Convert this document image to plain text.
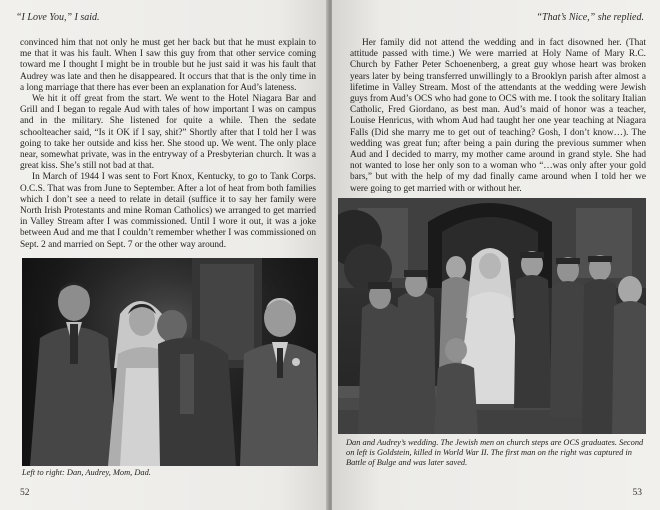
“I Love You,” I said.

convinced him that not only he must get her back but that he must explain to me that it was his fault. When I saw this guy from that other service coming toward me I thought I might be in trouble but he just said it was his fault that Audrey was late and then he disappeared. It occurs that that is the only time in a long marriage that there has ever been an explanation for Aud’s lateness.

We hit it off great from the start. We went to the Hotel Niagara Bar and Grill and I began to regale Aud with tales of how important I was on campus and in the military. She listened for quite a while. Then the sedate schoolteacher said, “Is it OK if I say, shit?” Shortly after that I told her I was going to take her outside and kiss her. She stood up. We went. The only place near, somewhat private, was in the entryway of a Presbyterian church. It was a great kiss. She’s still not bad at that.

In March of 1944 I was sent to Fort Knox, Kentucky, to go to Tank Corps. O.C.S. That was from June to September. After a lot of heat from both families which I don’t see a need to relate in detail (suffice it to say her family were North Irish Protestants and mine Roman Catholics) we arranged to get married in Valley Stream after I was commissioned. Until I wore it out, it was a joke between Aud and me that I couldn’t remember whether I was commissioned on Sept. 2 and married on Sept. 7 or the other way around.

Left to right: Dan, Audrey, Mom, Dad.

52
“That’s Nice,” she replied.

Her family did not attend the wedding and in fact disowned her. (That attitude passed with time.) We were married at Holy Name of Mary R.C. Church by Father Peter Schoenenberg, a great guy whose heart was broken years later by being transferred unwillingly to a Brooklyn parish after almost a lifetime in Valley Stream. Most of the attendants at the wedding were Jewish guys from Aud’s OCS who had gone to OCS with me. I took the solitary Italian Catholic, Fred Giordano, as best man. Aud’s maid of honor was a teacher, Louise Henricus, with whom Aud had taught her one year teaching at Niagara Falls (Did she marry me to get out of teaching? Gosh, I don’t know…). The wedding was great fun; after being a pain during the previous summer when Aud and I decided to marry, my mother came around in grand style. She had not wanted to lose her only son to a woman who “…was only after your gold bars,” but with the help of my dad finally came around when I told her we were going to get married with or without her.

Dan and Audrey’s wedding. The Jewish men on church steps are OCS graduates. Second on left is Goldstein, killed in World War II. The first man on the right was captured in Battle of Bulge and was later saved.

53
